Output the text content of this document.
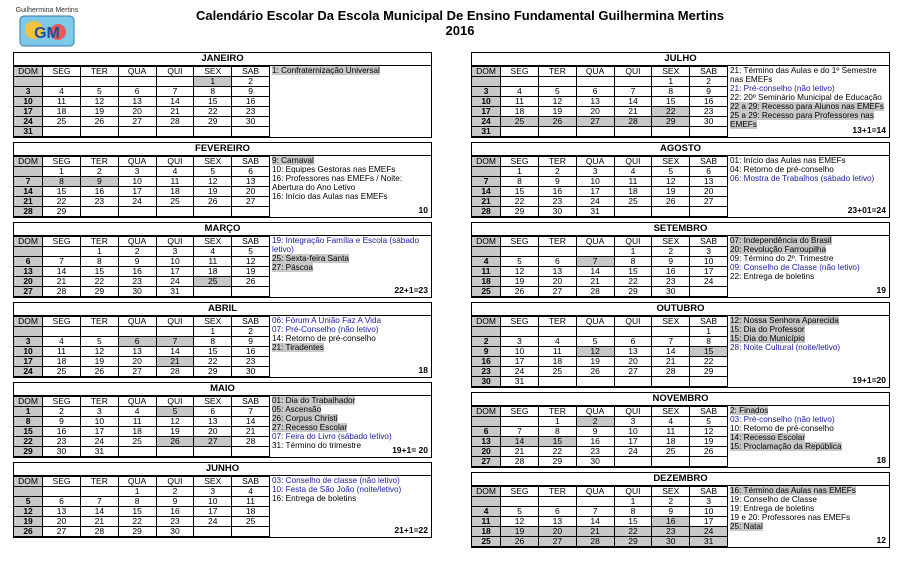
GM
Guilhermina Mertins	Calendário Escolar Da Escola Municipal De Ensino Fundamental Guilhermina Mertins
2016
JANEIRO
DOM	SEG	TER	QUA	QUI	SEX	SAB
					1	2
3	4	5	6	7	8	9
10	11	12	13	14	15	16
17	18	19	20	21	22	23
24	25	26	27	28	29	30
31						
1: Confraternização Universal
FEVEREIRO
DOM	SEG	TER	QUA	QUI	SEX	SAB
	1	2	3	4	5	6
7	8	9	10	11	12	13
14	15	16	17	18	19	20
21	22	23	24	25	26	27
28	29					
9: Carnaval
10: Equipes Gestoras nas EMEFs
16: Professores nas EMEFs / Noite: Abertura do Ano Letivo
16: Início das Aulas nas EMEFs
10
MARÇO
DOM	SEG	TER	QUA	QUI	SEX	SAB
		1	2	3	4	5
6	7	8	9	10	11	12
13	14	15	16	17	18	19
20	21	22	23	24	25	26
27	28	29	30	31		
19: Integração Família e Escola (sábado letivo)
25: Sexta-feira Santa
27: Páscoa
22+1=23
ABRIL
DOM	SEG	TER	QUA	QUI	SEX	SAB
					1	2
3	4	5	6	7	8	9
10	11	12	13	14	15	16
17	18	19	20	21	22	23
24	25	26	27	28	29	30
06: Fórum A União Faz A Vida
07: Pré-Conselho (não letivo)
14: Retorno de pré-conselho
21: Tiradentes
18
MAIO
DOM	SEG	TER	QUA	QUI	SEX	SAB
1	2	3	4	5	6	7
8	9	10	11	12	13	14
15	16	17	18	19	20	21
22	23	24	25	26	27	28
29	30	31				
01: Dia do Trabalhador
05: Ascensão
26: Corpus Christi
27: Recesso Escolar
07: Feira do Livro (sábado letivo)
31: Término do trimestre	19+1= 20
JUNHO
DOM	SEG	TER	QUA	QUI	SEX	SAB
			1	2	3	4
5	6	7	8	9	10	11
12	13	14	15	16	17	18
19	20	21	22	23	24	25
26	27	28	29	30		
03: Conselho de classe (não letivo)
10: Festa de São João (noite/letivo)
16: Entrega de boletins
21+1=22
JULHO
DOM	SEG	TER	QUA	QUI	SEX	SAB
					1	2
3	4	5	6	7	8	9
10	11	12	13	14	15	16
17	18	19	20	21	22	23
24	25	26	27	28	29	30
31						
21: Término das Aulas e do 1º Semestre nas EMEFs
21: Pré-conselho (não letivo)
22: 20º Seminário Municipal de Educação
22 a 29: Recesso para Alunos nas EMEFs
25 a 29: Recesso para Professores nas EMEFs
13+1=14
AGOSTO
DOM	SEG	TER	QUA	QUI	SEX	SAB
	1	2	3	4	5	6
7	8	9	10	11	12	13
14	15	16	17	18	19	20
21	22	23	24	25	26	27
28	29	30	31			
01: Início das Aulas nas EMEFs
04: Retorno de pré-conselho
06: Mostra de Trabalhos (sábado letivo)
23+01=24
SETEMBRO
DOM	SEG	TER	QUA	QUI	SEX	SAB
				1	2	3
4	5	6	7	8	9	10
11	12	13	14	15	16	17
18	19	20	21	22	23	24
25	26	27	28	29	30	
07: Independência do Brasil
20: Revolução Farroupilha
09: Término do 2º. Trimestre
09: Conselho de Classe (não letivo)
22: Entrega de boletins
19
OUTUBRO
DOM	SEG	TER	QUA	QUI	SEX	SAB
						1
2	3	4	5	6	7	8
9	10	11	12	13	14	15
16	17	18	19	20	21	22
23	24	25	26	27	28	29
30	31					
12: Nossa Senhora Aparecida
15: Dia do Professor
15: Dia do Município
28: Noite Cultural (noite/letivo)
19+1=20
NOVEMBRO
DOM	SEG	TER	QUA	QUI	SEX	SAB
		1	2	3	4	5
6	7	8	9	10	11	12
13	14	15	16	17	18	19
20	21	22	23	24	25	26
27	28	29	30			
2: Finados
03: Pré-conselho (não letivo)
10: Retorno de pré-conselho
14: Recesso Escolar
15: Proclamação da República
18
DEZEMBRO
DOM	SEG	TER	QUA	QUI	SEX	SAB
				1	2	3
4	5	6	7	8	9	10
11	12	13	14	15	16	17
18	19	20	21	22	23	24
25	26	27	28	29	30	31
16: Término das Aulas nas EMEFs
19: Conselho de Classe
19: Entrega de boletins
19 e 20: Professores nas EMEFs
25: Natal
12
